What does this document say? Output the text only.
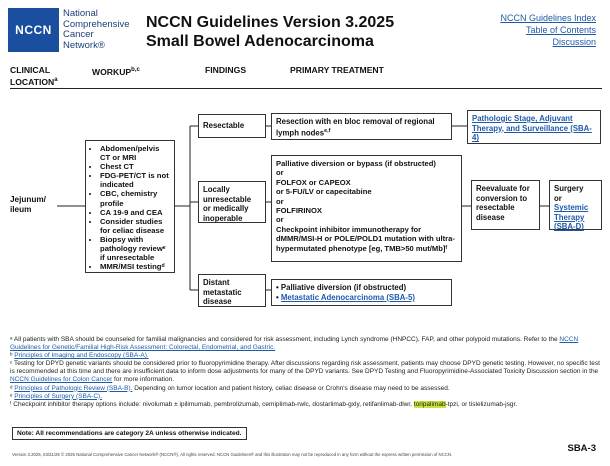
NCCN
National
Comprehensive
Cancer
Network®
NCCN Guidelines Version 3.2025
Small Bowel Adenocarcinoma
NCCN Guidelines Index
Table of Contents
Discussion
CLINICAL LOCATION$^a$
WORKUP$^{b,c}$	FINDINGS	PRIMARY TREATMENT
Jejunum/ ileum
• Abdomen/pelvis CT or MRI
• Chest CT
• FDG-PET/CT is not indicated
• CBC, chemistry profile
• CA 19-9 and CEA
• Consider studies for celiac disease
• Biopsy with pathology reviewᵉ if unresectable
• MMR/MSI testingᵈ
Resectable
Locally unresectable or medically inoperable
Distant metastatic disease
Resection with en bloc removal of regional lymph nodes$^{e,f}$
Pathologic Stage, Adjuvant Therapy, and Surveillance (SBA-4)
Palliative diversion or bypass (if obstructed)
or
FOLFOX or CAPEOX
or 5-FU/LV or capecitabine
or
FOLFIRINOX
or
Checkpoint inhibitor immunotherapy for dMMR/MSI-H or POLE/POLD1 mutation with ultra-hypermutated phenotype [eg, TMB>50 mut/Mb]ᶠ
Reevaluate for conversion to resectable disease
Surgery
or
Systemic Therapy (SBA-D)
• Palliative diversion (if obstructed)
• Metastatic Adenocarcinoma (SBA-5)
ᵃ All patients with SBA should be counseled for familial malignancies and considered for risk assessment, including Lynch syndrome (HNPCC), FAP, and other polypoid mutations. Refer to the NCCN Guidelines for Genetic/Familial High-Risk Assessment: Colorectal, Endometrial, and Gastric.
ᵇ Principles of Imaging and Endoscopy (SBA-A).
ᶜ Testing for DPYD genetic variants should be considered prior to fluoropyrimidine therapy. After discussions regarding risk assessment, patients may choose DPYD genetic testing. However, no specific test is recommended at this time and there are insufficient data to inform dose adjustments for many of the DPYD variants. See DPYD Testing and Fluoropyrimidine-Associated Toxicity Discussion section in the NCCN Guidelines for Colon Cancer for more information.
ᵈ Principles of Pathologic Review (SBA-B). Depending on tumor location and patient history, celiac disease or Crohn's disease may need to be assessed.
ᵉ Principles of Surgery (SBA-C).
ᶠ Checkpoint inhibitor therapy options include: nivolumab ± ipilimumab, pembrolizumab, cemiplimab-rwlc, dostarlimab-gxly, retifanlimab-dlwr, toripalimab-tpzi, or tislelizumab-jsgr.
Note: All recommendations are category 2A unless otherwise indicated.
Version 3.2025, 03/31/25 © 2025 National Comprehensive Cancer Network® (NCCN®), All rights reserved. NCCN Guidelines® and this illustration may not be reproduced in any form without the express written permission of NCCN.
SBA-3
